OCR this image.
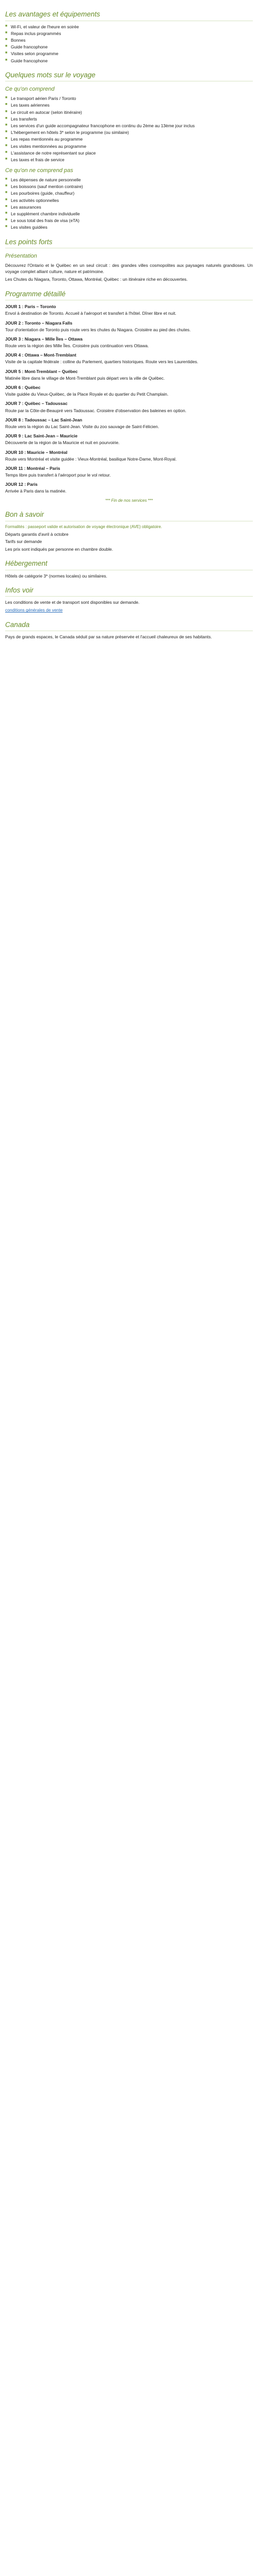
Les avantages et équipements
■ Wi-Fi, et valeur de l'heure en soirée
■ Repas inclus programmés
■ Bonnes
■ Guide francophone
■ Visites selon programme
■ Guide francophone
Quelques mots sur le voyage
Ce qu'on comprend
■ Le transport aérien Paris / Toronto
■ Les taxes aériennes
■ Le circuit en autocar (selon itinéraire)
■ Les transferts
■ Les services d'un guide accompagnateur francophone en continu du 2ème au 13ème jour inclus
■ L'hébergement en hôtels 3* selon le programme (ou similaire)
■ Les repas mentionnés au programme
■ Les visites mentionnées au programme
■ L'assistance de notre représentant sur place
■ Les taxes et frais de service
Ce qu'on ne comprend pas
■ Les dépenses de nature personnelle
■ Les boissons (sauf mention contraire)
■ Les pourboires (guide, chauffeur)
■ Les activités optionnelles
■ Les assurances
■ Le supplément chambre individuelle
■ Le sous total des frais de visa (eTA)
■ Les visites guidées
Les points forts
Présentation

Découvrez l'Ontario et le Québec en un seul circuit : des grandes villes cosmopolites aux paysages naturels grandioses. Un voyage complet alliant culture, nature et patrimoine.

Les Chutes du Niagara, Toronto, Ottawa, Montréal, Québec : un itinéraire riche en découvertes.

Programme détaillé
JOUR 1 : Paris – Toronto

Envol à destination de Toronto. Accueil à l'aéroport et transfert à l'hôtel. Dîner libre et nuit.

JOUR 2 : Toronto – Niagara Falls

Tour d'orientation de Toronto puis route vers les chutes du Niagara. Croisière au pied des chutes.

JOUR 3 : Niagara – Mille Îles – Ottawa

Route vers la région des Mille Îles. Croisière puis continuation vers Ottawa.

JOUR 4 : Ottawa – Mont-Tremblant

Visite de la capitale fédérale : colline du Parlement, quartiers historiques. Route vers les Laurentides.

JOUR 5 : Mont-Tremblant – Québec

Matinée libre dans le village de Mont-Tremblant puis départ vers la ville de Québec.

JOUR 6 : Québec

Visite guidée du Vieux-Québec, de la Place Royale et du quartier du Petit Champlain.

JOUR 7 : Québec – Tadoussac

Route par la Côte-de-Beaupré vers Tadoussac. Croisière d'observation des baleines en option.

JOUR 8 : Tadoussac – Lac Saint-Jean

Route vers la région du Lac Saint-Jean. Visite du zoo sauvage de Saint-Félicien.

JOUR 9 : Lac Saint-Jean – Mauricie

Découverte de la région de la Mauricie et nuit en pourvoirie.

JOUR 10 : Mauricie – Montréal

Route vers Montréal et visite guidée : Vieux-Montréal, basilique Notre-Dame, Mont-Royal.

JOUR 11 : Montréal – Paris

Temps libre puis transfert à l'aéroport pour le vol retour.

JOUR 12 : Paris

Arrivée à Paris dans la matinée.

*** Fin de nos services ***
Bon à savoir

Formalités : passeport valide et autorisation de voyage électronique (AVE) obligatoire.

Départs garantis d'avril à octobre

Tarifs sur demande

Les prix sont indiqués par personne en chambre double.

Hébergement

Hôtels de catégorie 3* (normes locales) ou similaires.

Infos voir

Les conditions de vente et de transport sont disponibles sur demande.

conditions générales de vente

Canada

Pays de grands espaces, le Canada séduit par sa nature préservée et l'accueil chaleureux de ses habitants.
